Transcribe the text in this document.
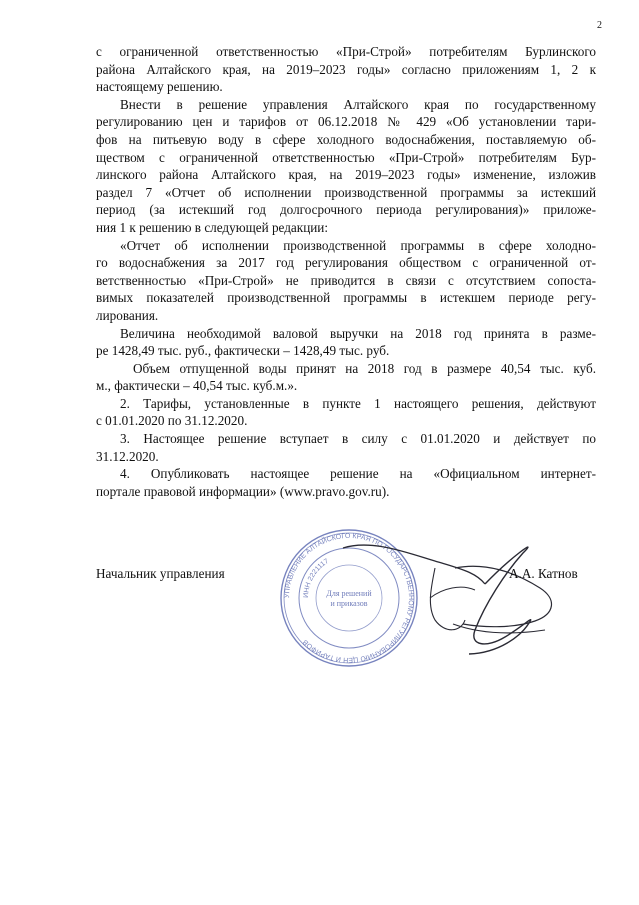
2
с ограниченной ответственностью «При-Строй» потребителям Бурлинского
района Алтайского края, на 2019–2023 годы» согласно приложениям 1, 2 к
настоящему решению.
Внести в решение управления Алтайского края по государственному
регулированию цен и тарифов от 06.12.2018 № 429 «Об установлении тари-
фов на питьевую воду в сфере холодного водоснабжения, поставляемую об-
ществом с ограниченной ответственностью «При-Строй» потребителям Бур-
линского района Алтайского края, на 2019–2023 годы» изменение, изложив
раздел 7 «Отчет об исполнении производственной программы за истекший
период (за истекший год долгосрочного периода регулирования)» приложе-
ния 1 к решению в следующей редакции:
«Отчет об исполнении производственной программы в сфере холодно-
го водоснабжения за 2017 год регулирования обществом с ограниченной от-
ветственностью «При-Строй» не приводится в связи с отсутствием сопоста-
вимых показателей производственной программы в истекшем периоде регу-
лирования.
Величина необходимой валовой выручки на 2018 год принята в разме-
ре 1428,49 тыс. руб., фактически – 1428,49 тыс. руб.
Объем отпущенной воды принят на 2018 год в размере 40,54 тыс. куб.
м., фактически – 40,54 тыс. куб.м.».
2. Тарифы, установленные в пункте 1 настоящего решения, действуют
с 01.01.2020 по 31.12.2020.
3. Настоящее решение вступает в силу с 01.01.2020 и действует по
31.12.2020.
4. Опубликовать настоящее решение на «Официальном интернет-
портале правовой информации» (www.pravo.gov.ru).
Начальник управления
УПРАВЛЕНИЕ АЛТАЙСКОГО КРАЯ ПО ГОСУДАРСТВЕННОМУ РЕГУЛИРОВАНИЮ ЦЕН И ТАРИФОВ
ИНН 2221117
Для решений
и приказов
А.А. Катнов
